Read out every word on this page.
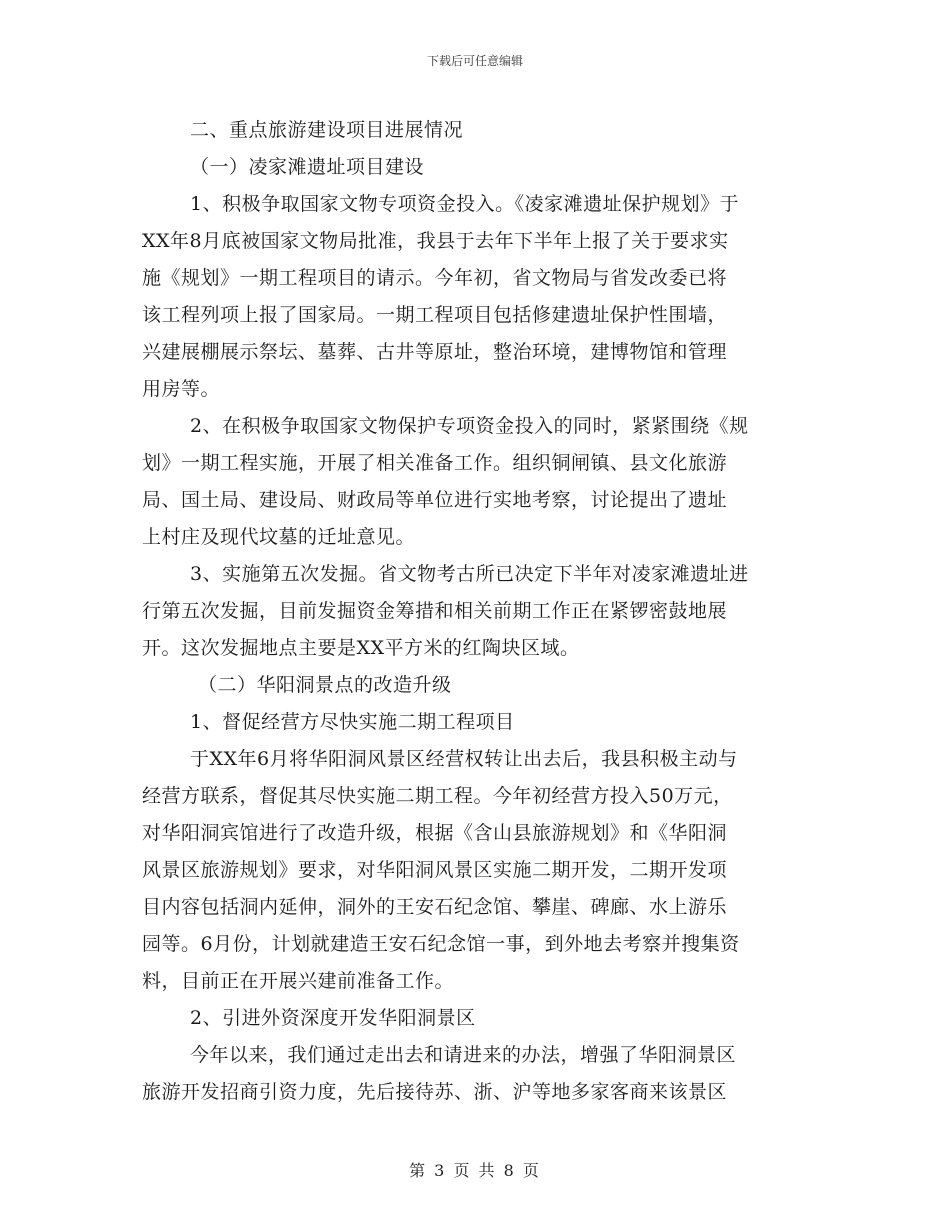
下载后可任意编辑
二、重点旅游建设项目进展情况
（一）凌家滩遗址项目建设
1、积极争取国家文物专项资金投入。《凌家滩遗址保护规划》于
XX年8月底被国家文物局批准，我县于去年下半年上报了关于要求实
施《规划》一期工程项目的请示。今年初，省文物局与省发改委已将
该工程列项上报了国家局。一期工程项目包括修建遗址保护性围墙，
兴建展棚展示祭坛、墓葬、古井等原址，整治环境，建博物馆和管理
用房等。
2、在积极争取国家文物保护专项资金投入的同时，紧紧围绕《规
划》一期工程实施，开展了相关准备工作。组织铜闸镇、县文化旅游
局、国土局、建设局、财政局等单位进行实地考察，讨论提出了遗址
上村庄及现代坟墓的迁址意见。
3、实施第五次发掘。省文物考古所已决定下半年对凌家滩遗址进
行第五次发掘，目前发掘资金筹措和相关前期工作正在紧锣密鼓地展
开。这次发掘地点主要是XX平方米的红陶块区域。
（二）华阳洞景点的改造升级
1、督促经营方尽快实施二期工程项目
于XX年6月将华阳洞风景区经营权转让出去后，我县积极主动与
经营方联系，督促其尽快实施二期工程。今年初经营方投入50万元，
对华阳洞宾馆进行了改造升级，根据《含山县旅游规划》和《华阳洞
风景区旅游规划》要求，对华阳洞风景区实施二期开发，二期开发项
目内容包括洞内延伸，洞外的王安石纪念馆、攀崖、碑廊、水上游乐
园等。6月份，计划就建造王安石纪念馆一事，到外地去考察并搜集资
料，目前正在开展兴建前准备工作。
2、引进外资深度开发华阳洞景区
今年以来，我们通过走出去和请进来的办法，增强了华阳洞景区
旅游开发招商引资力度，先后接待苏、浙、沪等地多家客商来该景区
第 3 页 共 8 页
